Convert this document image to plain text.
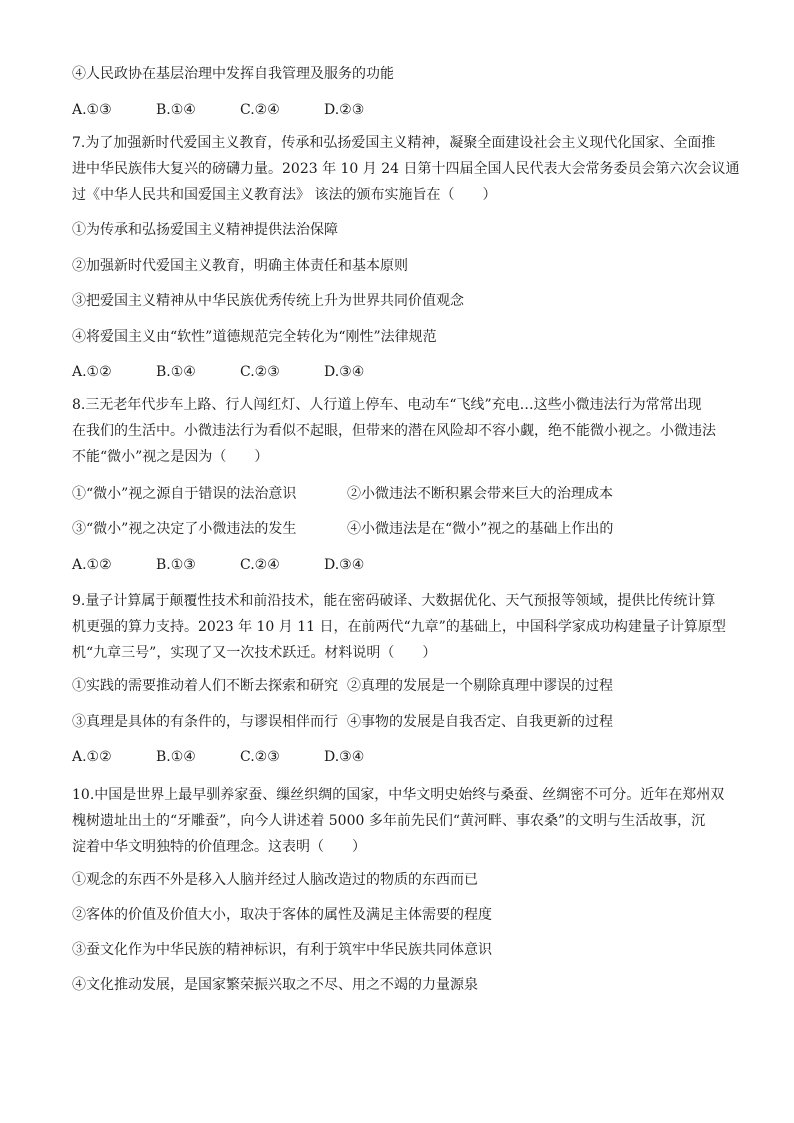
④人民政协在基层治理中发挥自我管理及服务的功能
A.①③	B.①④	C.②④	D.②③
7.为了加强新时代爱国主义教育，传承和弘扬爱国主义精神，凝聚全面建设社会主义现代化国家、全面推
进中华民族伟大复兴的磅礴力量。2023 年 10 月 24 日第十四届全国人民代表大会常务委员会第六次会议通
过《中华人民共和国爱国主义教育法》 该法的颁布实施旨在（　　）
①为传承和弘扬爱国主义精神提供法治保障
②加强新时代爱国主义教育，明确主体责任和基本原则
③把爱国主义精神从中华民族优秀传统上升为世界共同价值观念
④将爱国主义由“软性”道德规范完全转化为“刚性”法律规范
A.①②	B.①④	C.②③	D.③④
8.三无老年代步车上路、行人闯红灯、人行道上停车、电动车“飞线”充电…这些小微违法行为常常出现
在我们的生活中。小微违法行为看似不起眼，但带来的潜在风险却不容小觑，绝不能微小视之。小微违法
不能“微小”视之是因为（　　）
①“微小”视之源自于错误的法治意识	②小微违法不断积累会带来巨大的治理成本
③“微小”视之决定了小微违法的发生	④小微违法是在“微小”视之的基础上作出的
A.①②	B.①③	C.②④	D.③④
9.量子计算属于颠覆性技术和前沿技术，能在密码破译、大数据优化、天气预报等领域，提供比传统计算
机更强的算力支持。2023 年 10 月 11 日，在前两代“九章”的基础上，中国科学家成功构建量子计算原型
机“九章三号”，实现了又一次技术跃迁。材料说明（　　）
①实践的需要推动着人们不断去探索和研究 ②真理的发展是一个剔除真理中谬误的过程
③真理是具体的有条件的，与谬误相伴而行 ④事物的发展是自我否定、自我更新的过程
A.①②	B.①④	C.②③	D.③④
10.中国是世界上最早驯养家蚕、缫丝织绸的国家，中华文明史始终与桑蚕、丝绸密不可分。近年在郑州双
槐树遗址出土的“牙雕蚕”，向今人讲述着 5000 多年前先民们“黄河畔、事农桑”的文明与生活故事，沉
淀着中华文明独特的价值理念。这表明（　　）
①观念的东西不外是移入人脑并经过人脑改造过的物质的东西而已
②客体的价值及价值大小，取决于客体的属性及满足主体需要的程度
③蚕文化作为中华民族的精神标识，有利于筑牢中华民族共同体意识
④文化推动发展，是国家繁荣振兴取之不尽、用之不竭的力量源泉
